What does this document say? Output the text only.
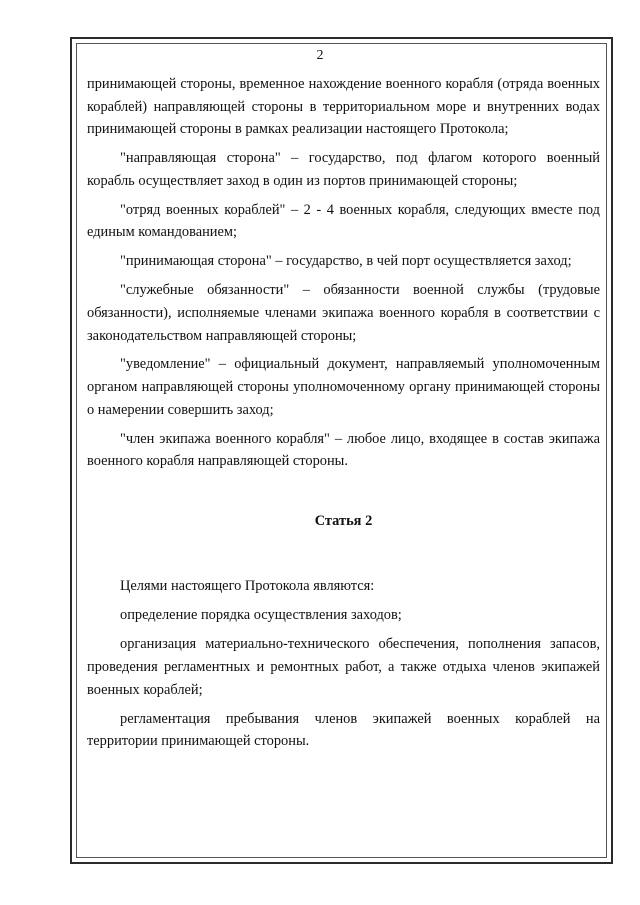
2

принимающей стороны, временное нахождение военного корабля (отряда военных кораблей) направляющей стороны в территориальном море и внутренних водах принимающей стороны в рамках реализации настоящего Протокола;

"направляющая сторона" – государство, под флагом которого военный корабль осуществляет заход в один из портов принимающей стороны;

"отряд военных кораблей" – 2 - 4 военных корабля, следующих вместе под единым командованием;

"принимающая сторона" – государство, в чей порт осуществляется заход;

"служебные обязанности" – обязанности военной службы (трудовые обязанности), исполняемые членами экипажа военного корабля в соответствии с законодательством направляющей стороны;

"уведомление" – официальный документ, направляемый уполномоченным органом направляющей стороны уполномоченному органу принимающей стороны о намерении совершить заход;

"член экипажа военного корабля" – любое лицо, входящее в состав экипажа военного корабля направляющей стороны.

Статья 2

Целями настоящего Протокола являются:

определение порядка осуществления заходов;

организация материально-технического обеспечения, пополнения запасов, проведения регламентных и ремонтных работ, а также отдыха членов экипажей военных кораблей;

регламентация пребывания членов экипажей военных кораблей на территории принимающей стороны.
